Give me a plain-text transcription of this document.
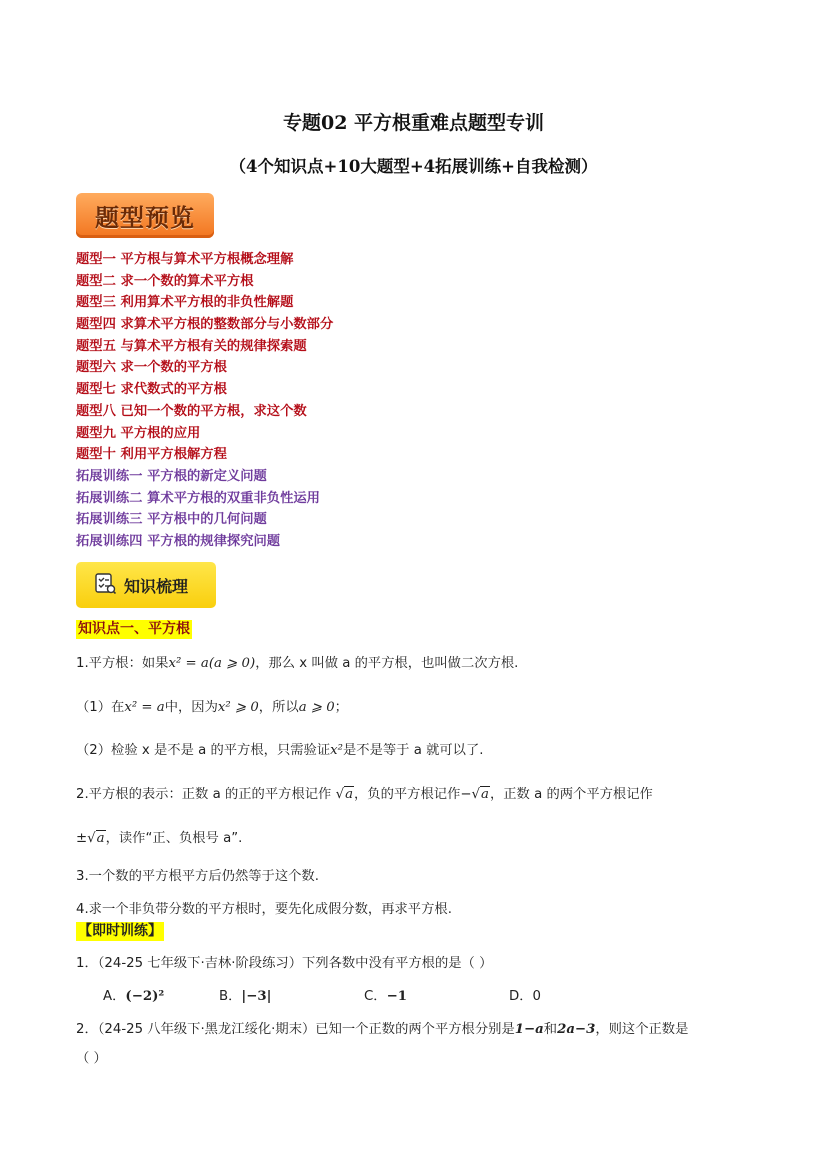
专题02 平方根重难点题型专训
（4个知识点+10大题型+4拓展训练+自我检测）
题型预览
题型一 平方根与算术平方根概念理解
题型二 求一个数的算术平方根
题型三 利用算术平方根的非负性解题
题型四 求算术平方根的整数部分与小数部分
题型五 与算术平方根有关的规律探索题
题型六 求一个数的平方根
题型七 求代数式的平方根
题型八 已知一个数的平方根，求这个数
题型九 平方根的应用
题型十 利用平方根解方程
拓展训练一 平方根的新定义问题
拓展训练二 算术平方根的双重非负性运用
拓展训练三 平方根中的几何问题
拓展训练四 平方根的规律探究问题
知识梳理
知识点一、平方根
1.平方根：如果x² = a(a ⩾ 0)，那么 x 叫做 a 的平方根，也叫做二次方根.
（1）在x² = a中，因为x² ⩾ 0，所以a ⩾ 0；
（2）检验 x 是不是 a 的平方根，只需验证x²是不是等于 a 就可以了.
2.平方根的表示：正数 a 的正的平方根记作 √a，负的平方根记作−√a，正数 a 的两个平方根记作
±√a，读作“正、负根号 a”.
3.一个数的平方根平方后仍然等于这个数.
4.求一个非负带分数的平方根时，要先化成假分数，再求平方根.
【即时训练】
1．（24-25 七年级下·吉林·阶段练习）下列各数中没有平方根的是（ ）
A．(−2)²	B．|−3|	C．−1	D．0
2．（24-25 八年级下·黑龙江绥化·期末）已知一个正数的两个平方根分别是1−a和2a−3，则这个正数是
（ ）
